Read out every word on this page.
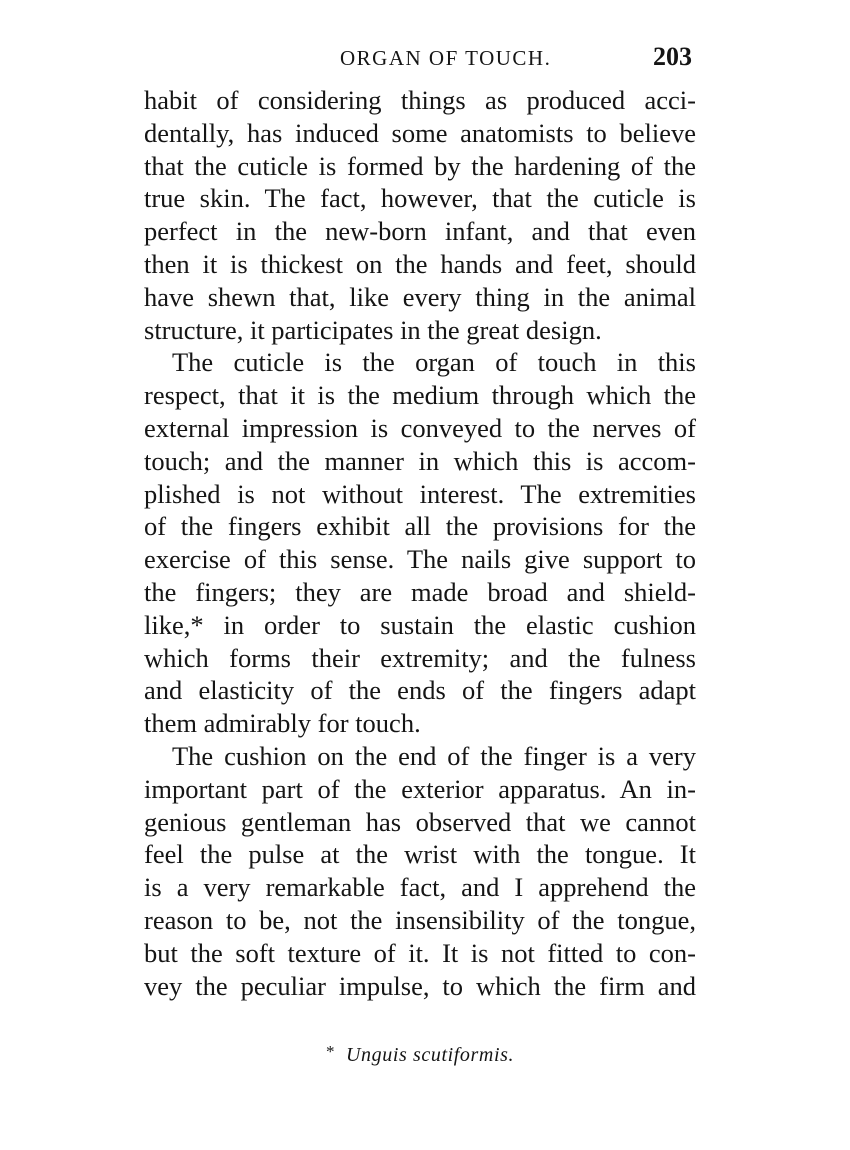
ORGAN OF TOUCH.	203
habit of considering things as produced acci-
dentally, has induced some anatomists to believe
that the cuticle is formed by the hardening of the
true skin. The fact, however, that the cuticle is
perfect in the new-born infant, and that even
then it is thickest on the hands and feet, should
have shewn that, like every thing in the animal
structure, it participates in the great design.
The cuticle is the organ of touch in this
respect, that it is the medium through which the
external impression is conveyed to the nerves of
touch; and the manner in which this is accom-
plished is not without interest. The extremities
of the fingers exhibit all the provisions for the
exercise of this sense. The nails give support to
the fingers; they are made broad and shield-
like,* in order to sustain the elastic cushion
which forms their extremity; and the fulness
and elasticity of the ends of the fingers adapt
them admirably for touch.
The cushion on the end of the finger is a very
important part of the exterior apparatus. An in-
genious gentleman has observed that we cannot
feel the pulse at the wrist with the tongue. It
is a very remarkable fact, and I apprehend the
reason to be, not the insensibility of the tongue,
but the soft texture of it. It is not fitted to con-
vey the peculiar impulse, to which the firm and
* Unguis scutiformis.
